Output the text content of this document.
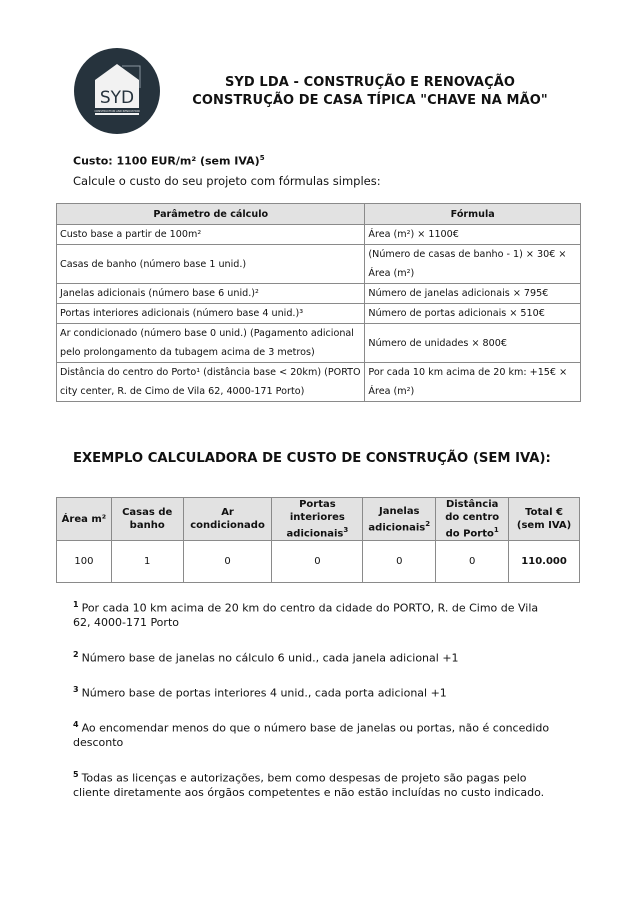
SYD
CONSTRUCTION AND RENOVATION
SYD LDA - CONSTRUÇÃO E RENOVAÇÃO
CONSTRUÇÃO DE CASA TÍPICA "CHAVE NA MÃO"
Custo: 1100 EUR/m² (sem IVA)$^5$
Calcule o custo do seu projeto com fórmulas simples:
Parâmetro de cálculo	Fórmula
Custo base a partir de 100m²	Área (m²) × 1100€
Casas de banho (número base 1 unid.)	(Número de casas de banho - 1) × 30€ × Área (m²)
Janelas adicionais (número base 6 unid.)²	Número de janelas adicionais × 795€
Portas interiores adicionais (número base 4 unid.)³	Número de portas adicionais × 510€
Ar condicionado (número base 0 unid.) (Pagamento adicional pelo prolongamento da tubagem acima de 3 metros)	Número de unidades × 800€
Distância do centro do Porto¹ (distância base < 20km) (PORTO city center, R. de Cimo de Vila 62, 4000-171 Porto)	Por cada 10 km acima de 20 km: +15€ × Área (m²)
EXEMPLO CALCULADORA DE CUSTO DE CONSTRUÇÃO (SEM IVA):
Área m²	Casas de banho	Ar condicionado	Portas interiores adicionais$^3$	Janelas adicionais$^2$	Distância do centro do Porto$^1$	Total € (sem IVA)
100	1	0	0	0	0	110.000

$^1$ Por cada 10 km acima de 20 km do centro da cidade do PORTO, R. de Cimo de Vila 62, 4000-171 Porto

$^2$ Número base de janelas no cálculo 6 unid., cada janela adicional +1

$^3$ Número base de portas interiores 4 unid., cada porta adicional +1

$^4$ Ao encomendar menos do que o número base de janelas ou portas, não é concedido desconto

$^5$ Todas as licenças e autorizações, bem como despesas de projeto são pagas pelo cliente diretamente aos órgãos competentes e não estão incluídas no custo indicado.
